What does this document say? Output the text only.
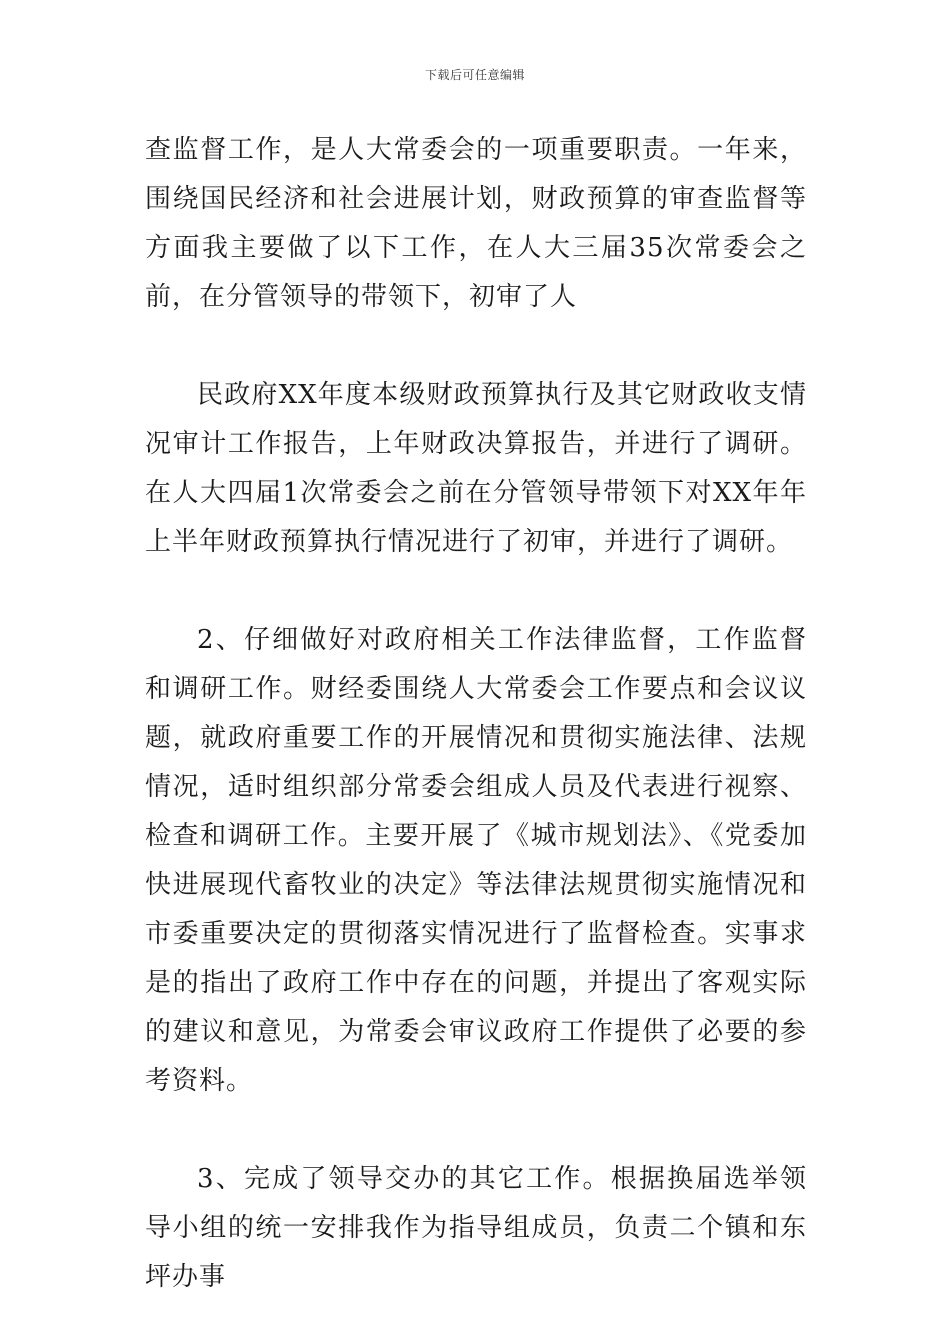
下载后可任意编辑

查监督工作，是人大常委会的一项重要职责。一年来，围绕国民经济和社会进展计划，财政预算的审查监督等方面我主要做了以下工作，在人大三届35次常委会之前，在分管领导的带领下，初审了人

民政府XX年度本级财政预算执行及其它财政收支情况审计工作报告，上年财政决算报告，并进行了调研。在人大四届1次常委会之前在分管领导带领下对XX年年上半年财政预算执行情况进行了初审，并进行了调研。

2、仔细做好对政府相关工作法律监督，工作监督和调研工作。财经委围绕人大常委会工作要点和会议议题，就政府重要工作的开展情况和贯彻实施法律、法规情况，适时组织部分常委会组成人员及代表进行视察、检查和调研工作。主要开展了《城市规划法》、《党委加快进展现代畜牧业的决定》等法律法规贯彻实施情况和市委重要决定的贯彻落实情况进行了监督检查。实事求是的指出了政府工作中存在的问题，并提出了客观实际的建议和意见，为常委会审议政府工作提供了必要的参考资料。

3、完成了领导交办的其它工作。根据换届选举领导小组的统一安排我作为指导组成员，负责二个镇和东坪办事
